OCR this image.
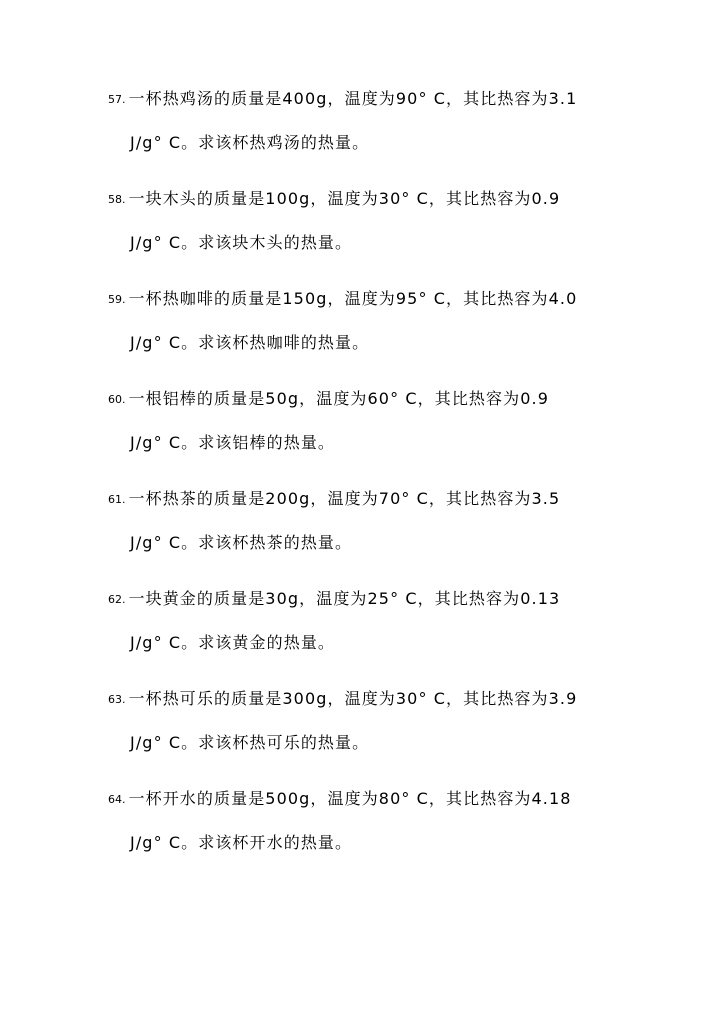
57. 一杯热鸡汤的质量是400g，温度为90° C，其比热容为3.1
J/g° C。求该杯热鸡汤的热量。
58. 一块木头的质量是100g，温度为30° C，其比热容为0.9
J/g° C。求该块木头的热量。
59. 一杯热咖啡的质量是150g，温度为95° C，其比热容为4.0
J/g° C。求该杯热咖啡的热量。
60. 一根铝棒的质量是50g，温度为60° C，其比热容为0.9
J/g° C。求该铝棒的热量。
61. 一杯热茶的质量是200g，温度为70° C，其比热容为3.5
J/g° C。求该杯热茶的热量。
62. 一块黄金的质量是30g，温度为25° C，其比热容为0.13
J/g° C。求该黄金的热量。
63. 一杯热可乐的质量是300g，温度为30° C，其比热容为3.9
J/g° C。求该杯热可乐的热量。
64. 一杯开水的质量是500g，温度为80° C，其比热容为4.18
J/g° C。求该杯开水的热量。
